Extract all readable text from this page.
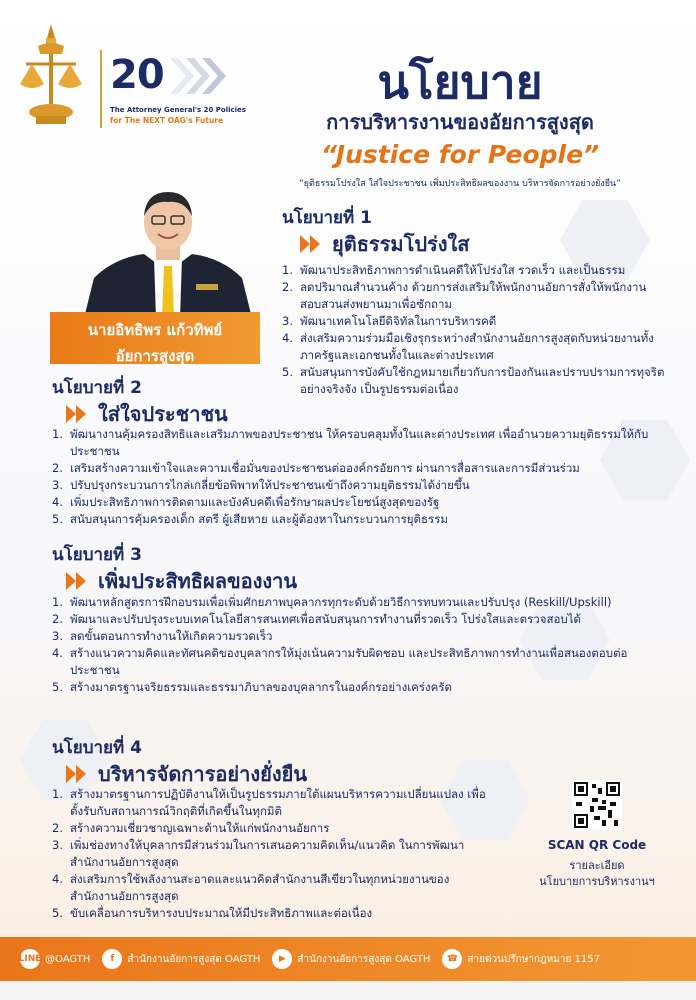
20
The Attorney General's 20 Policies
for The NEXT OAG's Future
นโยบาย
การบริหารงานของอัยการสูงสุด
“Justice for People”
“ยุติธรรมโปร่งใส ใส่ใจประชาชน เพิ่มประสิทธิผลของงาน บริหารจัดการอย่างยั่งยืน”
นายอิทธิพร แก้วทิพย์
อัยการสูงสุด
นโยบายที่ 1
ยุติธรรมโปร่งใส
1. พัฒนาประสิทธิภาพการดำเนินคดีให้โปร่งใส รวดเร็ว และเป็นธรรม
2. ลดปริมาณสำนวนค้าง ด้วยการส่งเสริมให้พนักงานอัยการสั่งให้พนักงานสอบสวนส่งพยานมาเพื่อซักถาม
3. พัฒนาเทคโนโลยีดิจิทัลในการบริหารคดี
4. ส่งเสริมความร่วมมือเชิงรุกระหว่างสำนักงานอัยการสูงสุดกับหน่วยงานทั้งภาครัฐและเอกชนทั้งในและต่างประเทศ
5. สนับสนุนการบังคับใช้กฎหมายเกี่ยวกับการป้องกันและปราบปรามการทุจริตอย่างจริงจัง เป็นรูปธรรมต่อเนื่อง
นโยบายที่ 2
ใส่ใจประชาชน
1. พัฒนางานคุ้มครองสิทธิและเสริมภาพของประชาชน ให้ครอบคลุมทั้งในและต่างประเทศ เพื่ออำนวยความยุติธรรมให้กับประชาชน
2. เสริมสร้างความเข้าใจและความเชื่อมั่นของประชาชนต่อองค์กรอัยการ ผ่านการสื่อสารและการมีส่วนร่วม
3. ปรับปรุงกระบวนการไกล่เกลี่ยข้อพิพาทให้ประชาชนเข้าถึงความยุติธรรมได้ง่ายขึ้น
4. เพิ่มประสิทธิภาพการติดตามและบังคับคดีเพื่อรักษาผลประโยชน์สูงสุดของรัฐ
5. สนับสนุนการคุ้มครองเด็ก สตรี ผู้เสียหาย และผู้ต้องหาในกระบวนการยุติธรรม
นโยบายที่ 3
เพิ่มประสิทธิผลของงาน
1. พัฒนาหลักสูตรการฝึกอบรมเพื่อเพิ่มศักยภาพบุคลากรทุกระดับด้วยวิธีการทบทวนและปรับปรุง (Reskill/Upskill)
2. พัฒนาและปรับปรุงระบบเทคโนโลยีสารสนเทศเพื่อสนับสนุนการทำงานที่รวดเร็ว โปร่งใสและตรวจสอบได้
3. ลดขั้นตอนการทำงานให้เกิดความรวดเร็ว
4. สร้างแนวความคิดและทัศนคติของบุคลากรให้มุ่งเน้นความรับผิดชอบ และประสิทธิภาพการทำงานเพื่อสนองตอบต่อประชาชน
5. สร้างมาตรฐานจริยธรรมและธรรมาภิบาลของบุคลากรในองค์กรอย่างเคร่งครัด
นโยบายที่ 4
บริหารจัดการอย่างยั่งยืน
1. สร้างมาตรฐานการปฏิบัติงานให้เป็นรูปธรรมภายใต้แผนบริหารความเปลี่ยนแปลง เพื่อตั้งรับกับสถานการณ์วิกฤติที่เกิดขึ้นในทุกมิติ
2. สร้างความเชี่ยวชาญเฉพาะด้านให้แก่พนักงานอัยการ
3. เพิ่มช่องทางให้บุคลากรมีส่วนร่วมในการเสนอความคิดเห็น/แนวคิด ในการพัฒนาสำนักงานอัยการสูงสุด
4. ส่งเสริมการใช้พลังงานสะอาดและแนวคิดสำนักงานสีเขียวในทุกหน่วยงานของสำนักงานอัยการสูงสุด
5. ขับเคลื่อนการบริหารงบประมาณให้มีประสิทธิภาพและต่อเนื่อง
SCAN QR Code
รายละเอียด
นโยบายการบริหารงานฯ
LINE @OAGTH	f	สำนักงานอัยการสูงสุด OAGTH	▶	สำนักงานอัยการสูงสุด OAGTH	☎ สายด่วนปรึกษากฎหมาย 1157
